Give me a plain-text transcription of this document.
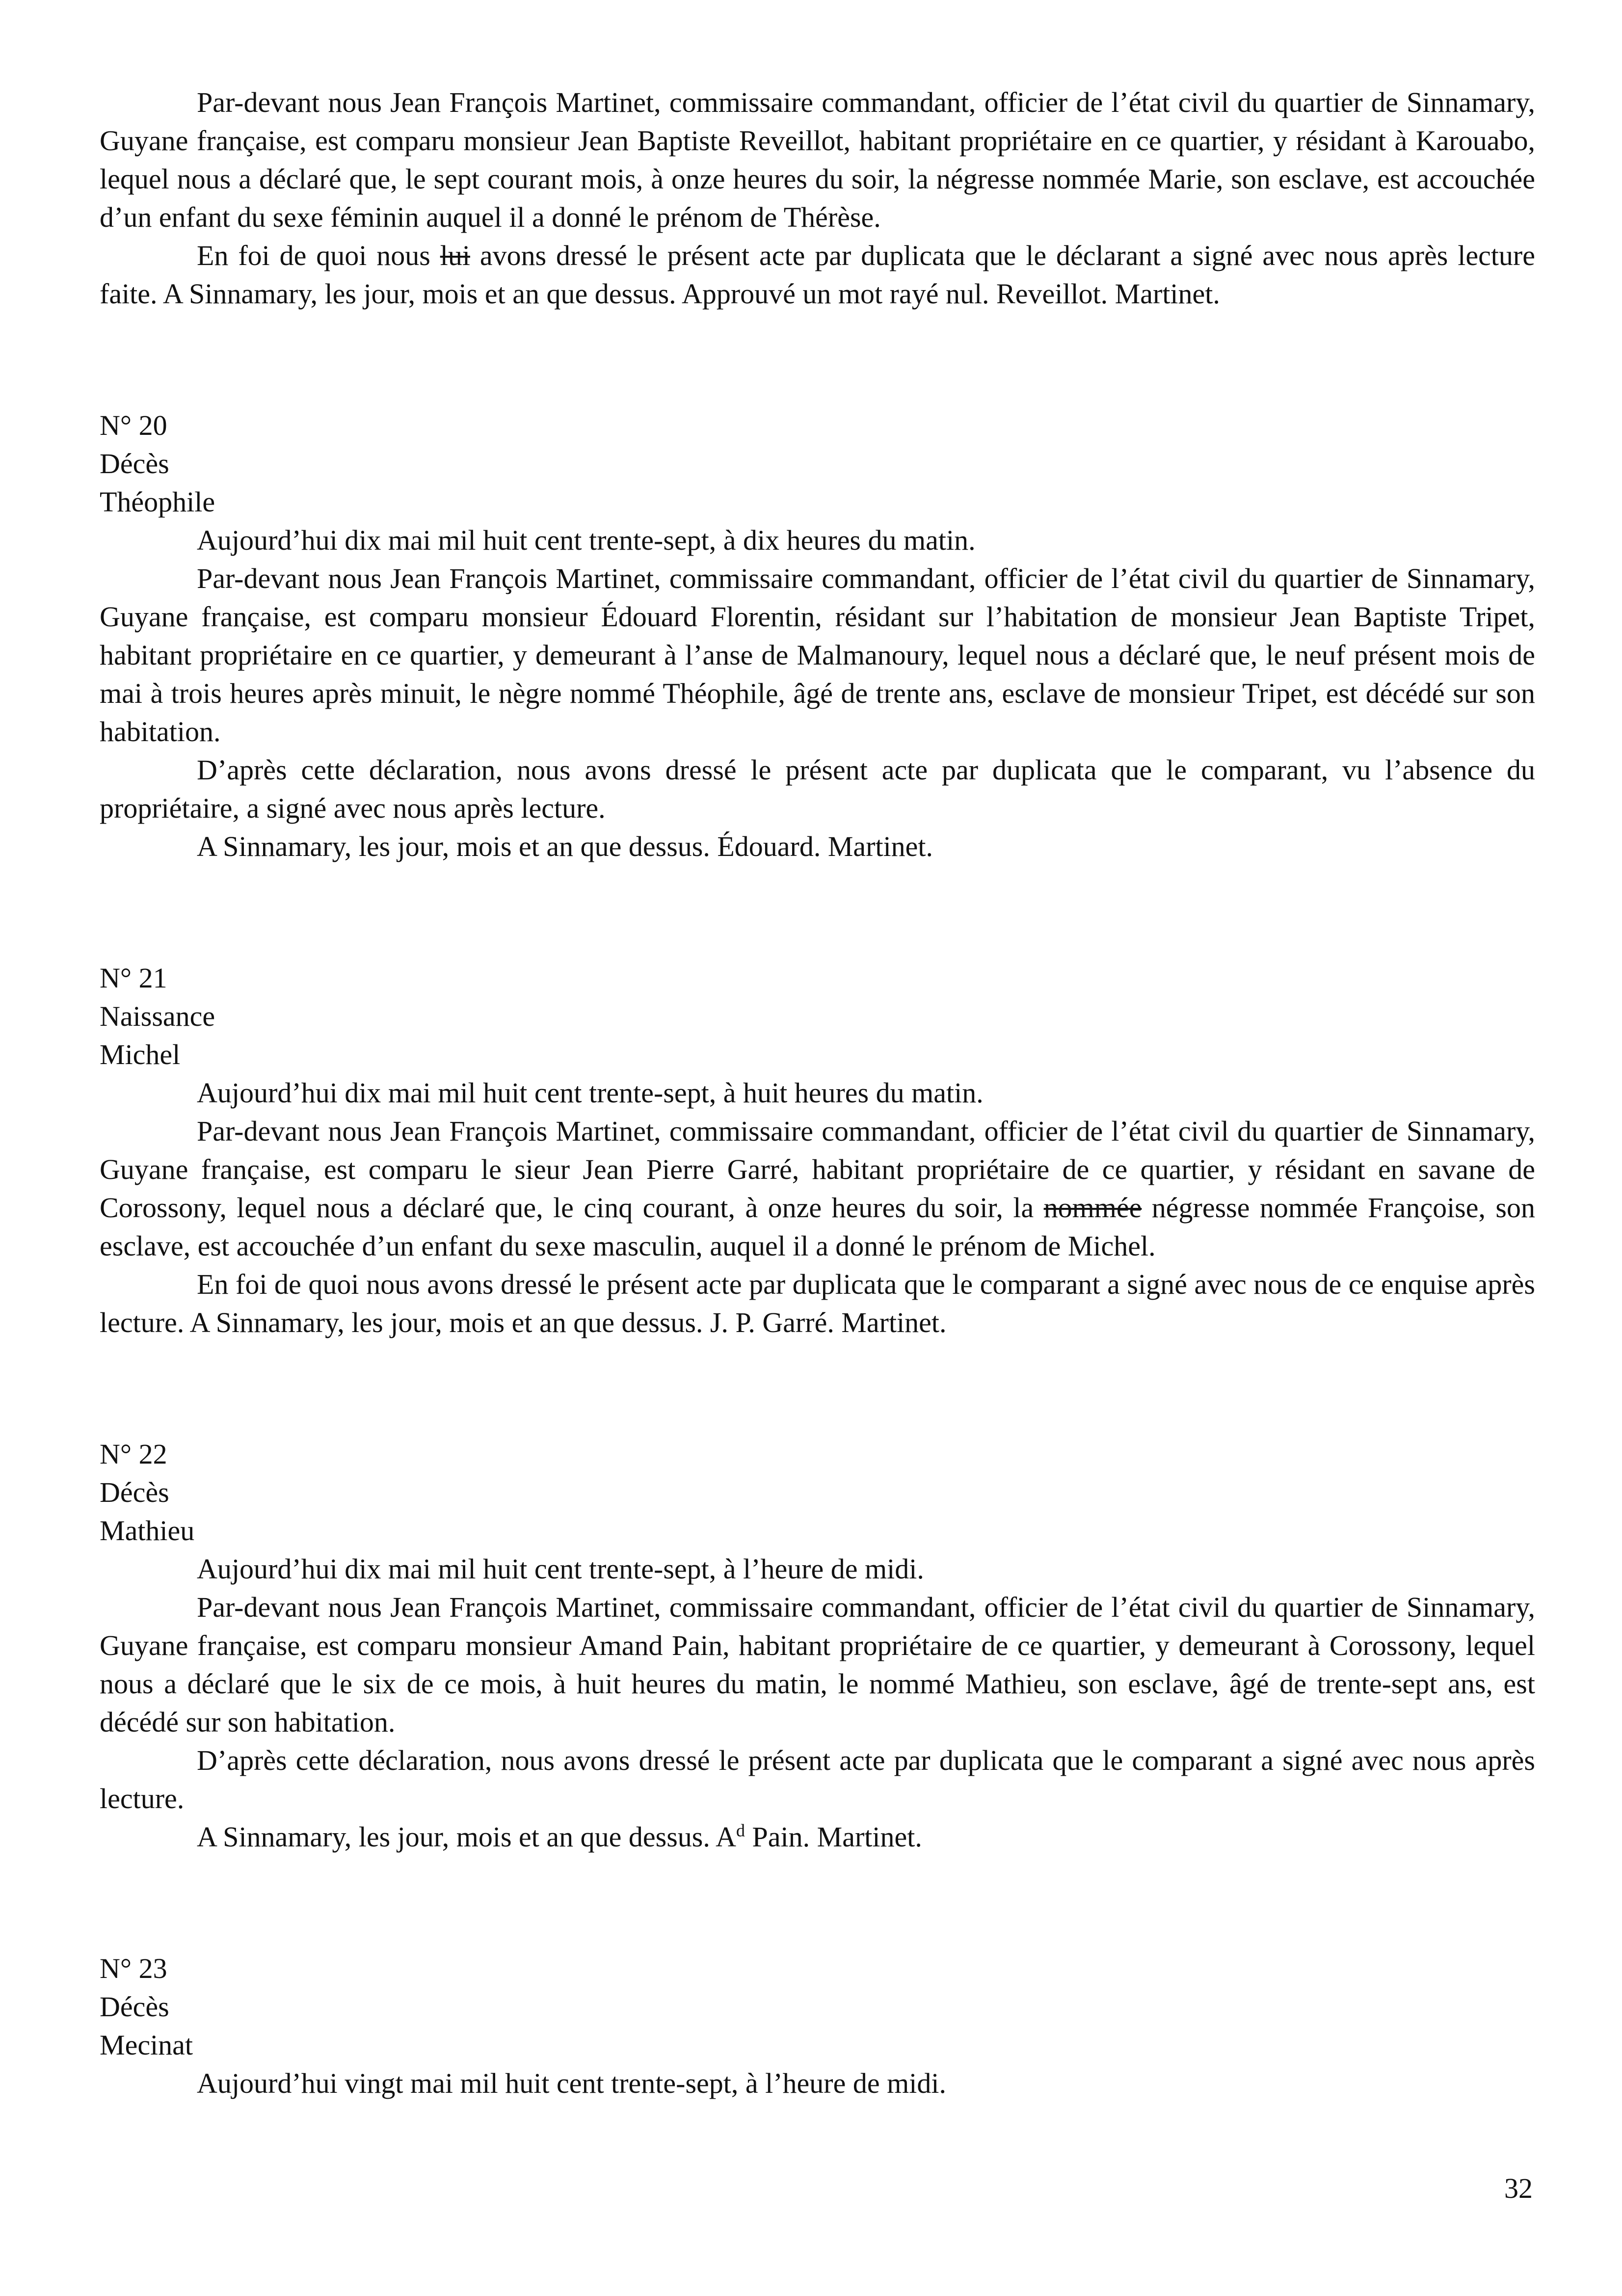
Par-devant nous Jean François Martinet, commissaire commandant, officier de l’état civil du quartier de Sinnamary, Guyane française, est comparu monsieur Jean Baptiste Reveillot, habitant propriétaire en ce quartier, y résidant à Karouabo, lequel nous a déclaré que, le sept courant mois, à onze heures du soir, la négresse nommée Marie, son esclave, est accouchée d’un enfant du sexe féminin auquel il a donné le prénom de Thérèse.

En foi de quoi nous lui avons dressé le présent acte par duplicata que le déclarant a signé avec nous après lecture faite. A Sinnamary, les jour, mois et an que dessus. Approuvé un mot rayé nul. Reveillot. Martinet.

N° 20
Décès
Théophile

Aujourd’hui dix mai mil huit cent trente-sept, à dix heures du matin.

Par-devant nous Jean François Martinet, commissaire commandant, officier de l’état civil du quartier de Sinnamary, Guyane française, est comparu monsieur Édouard Florentin, résidant sur l’habitation de monsieur Jean Baptiste Tripet, habitant propriétaire en ce quartier, y demeurant à l’anse de Malmanoury, lequel nous a déclaré que, le neuf présent mois de mai à trois heures après minuit, le nègre nommé Théophile, âgé de trente ans, esclave de monsieur Tripet, est décédé sur son habitation.

D’après cette déclaration, nous avons dressé le présent acte par duplicata que le comparant, vu l’absence du propriétaire, a signé avec nous après lecture.

A Sinnamary, les jour, mois et an que dessus. Édouard. Martinet.

N° 21
Naissance
Michel

Aujourd’hui dix mai mil huit cent trente-sept, à huit heures du matin.

Par-devant nous Jean François Martinet, commissaire commandant, officier de l’état civil du quartier de Sinnamary, Guyane française, est comparu le sieur Jean Pierre Garré, habitant propriétaire de ce quartier, y résidant en savane de Corossony, lequel nous a déclaré que, le cinq courant, à onze heures du soir, la nommée négresse nommée Françoise, son esclave, est accouchée d’un enfant du sexe masculin, auquel il a donné le prénom de Michel.

En foi de quoi nous avons dressé le présent acte par duplicata que le comparant a signé avec nous de ce enquise après lecture. A Sinnamary, les jour, mois et an que dessus. J. P. Garré. Martinet.

N° 22
Décès
Mathieu

Aujourd’hui dix mai mil huit cent trente-sept, à l’heure de midi.

Par-devant nous Jean François Martinet, commissaire commandant, officier de l’état civil du quartier de Sinnamary, Guyane française, est comparu monsieur Amand Pain, habitant propriétaire de ce quartier, y demeurant à Corossony, lequel nous a déclaré que le six de ce mois, à huit heures du matin, le nommé Mathieu, son esclave, âgé de trente-sept ans, est décédé sur son habitation.

D’après cette déclaration, nous avons dressé le présent acte par duplicata que le comparant a signé avec nous après lecture.

A Sinnamary, les jour, mois et an que dessus. $A^d$ Pain. Martinet.

N° 23
Décès
Mecinat

Aujourd’hui vingt mai mil huit cent trente-sept, à l’heure de midi.

32
